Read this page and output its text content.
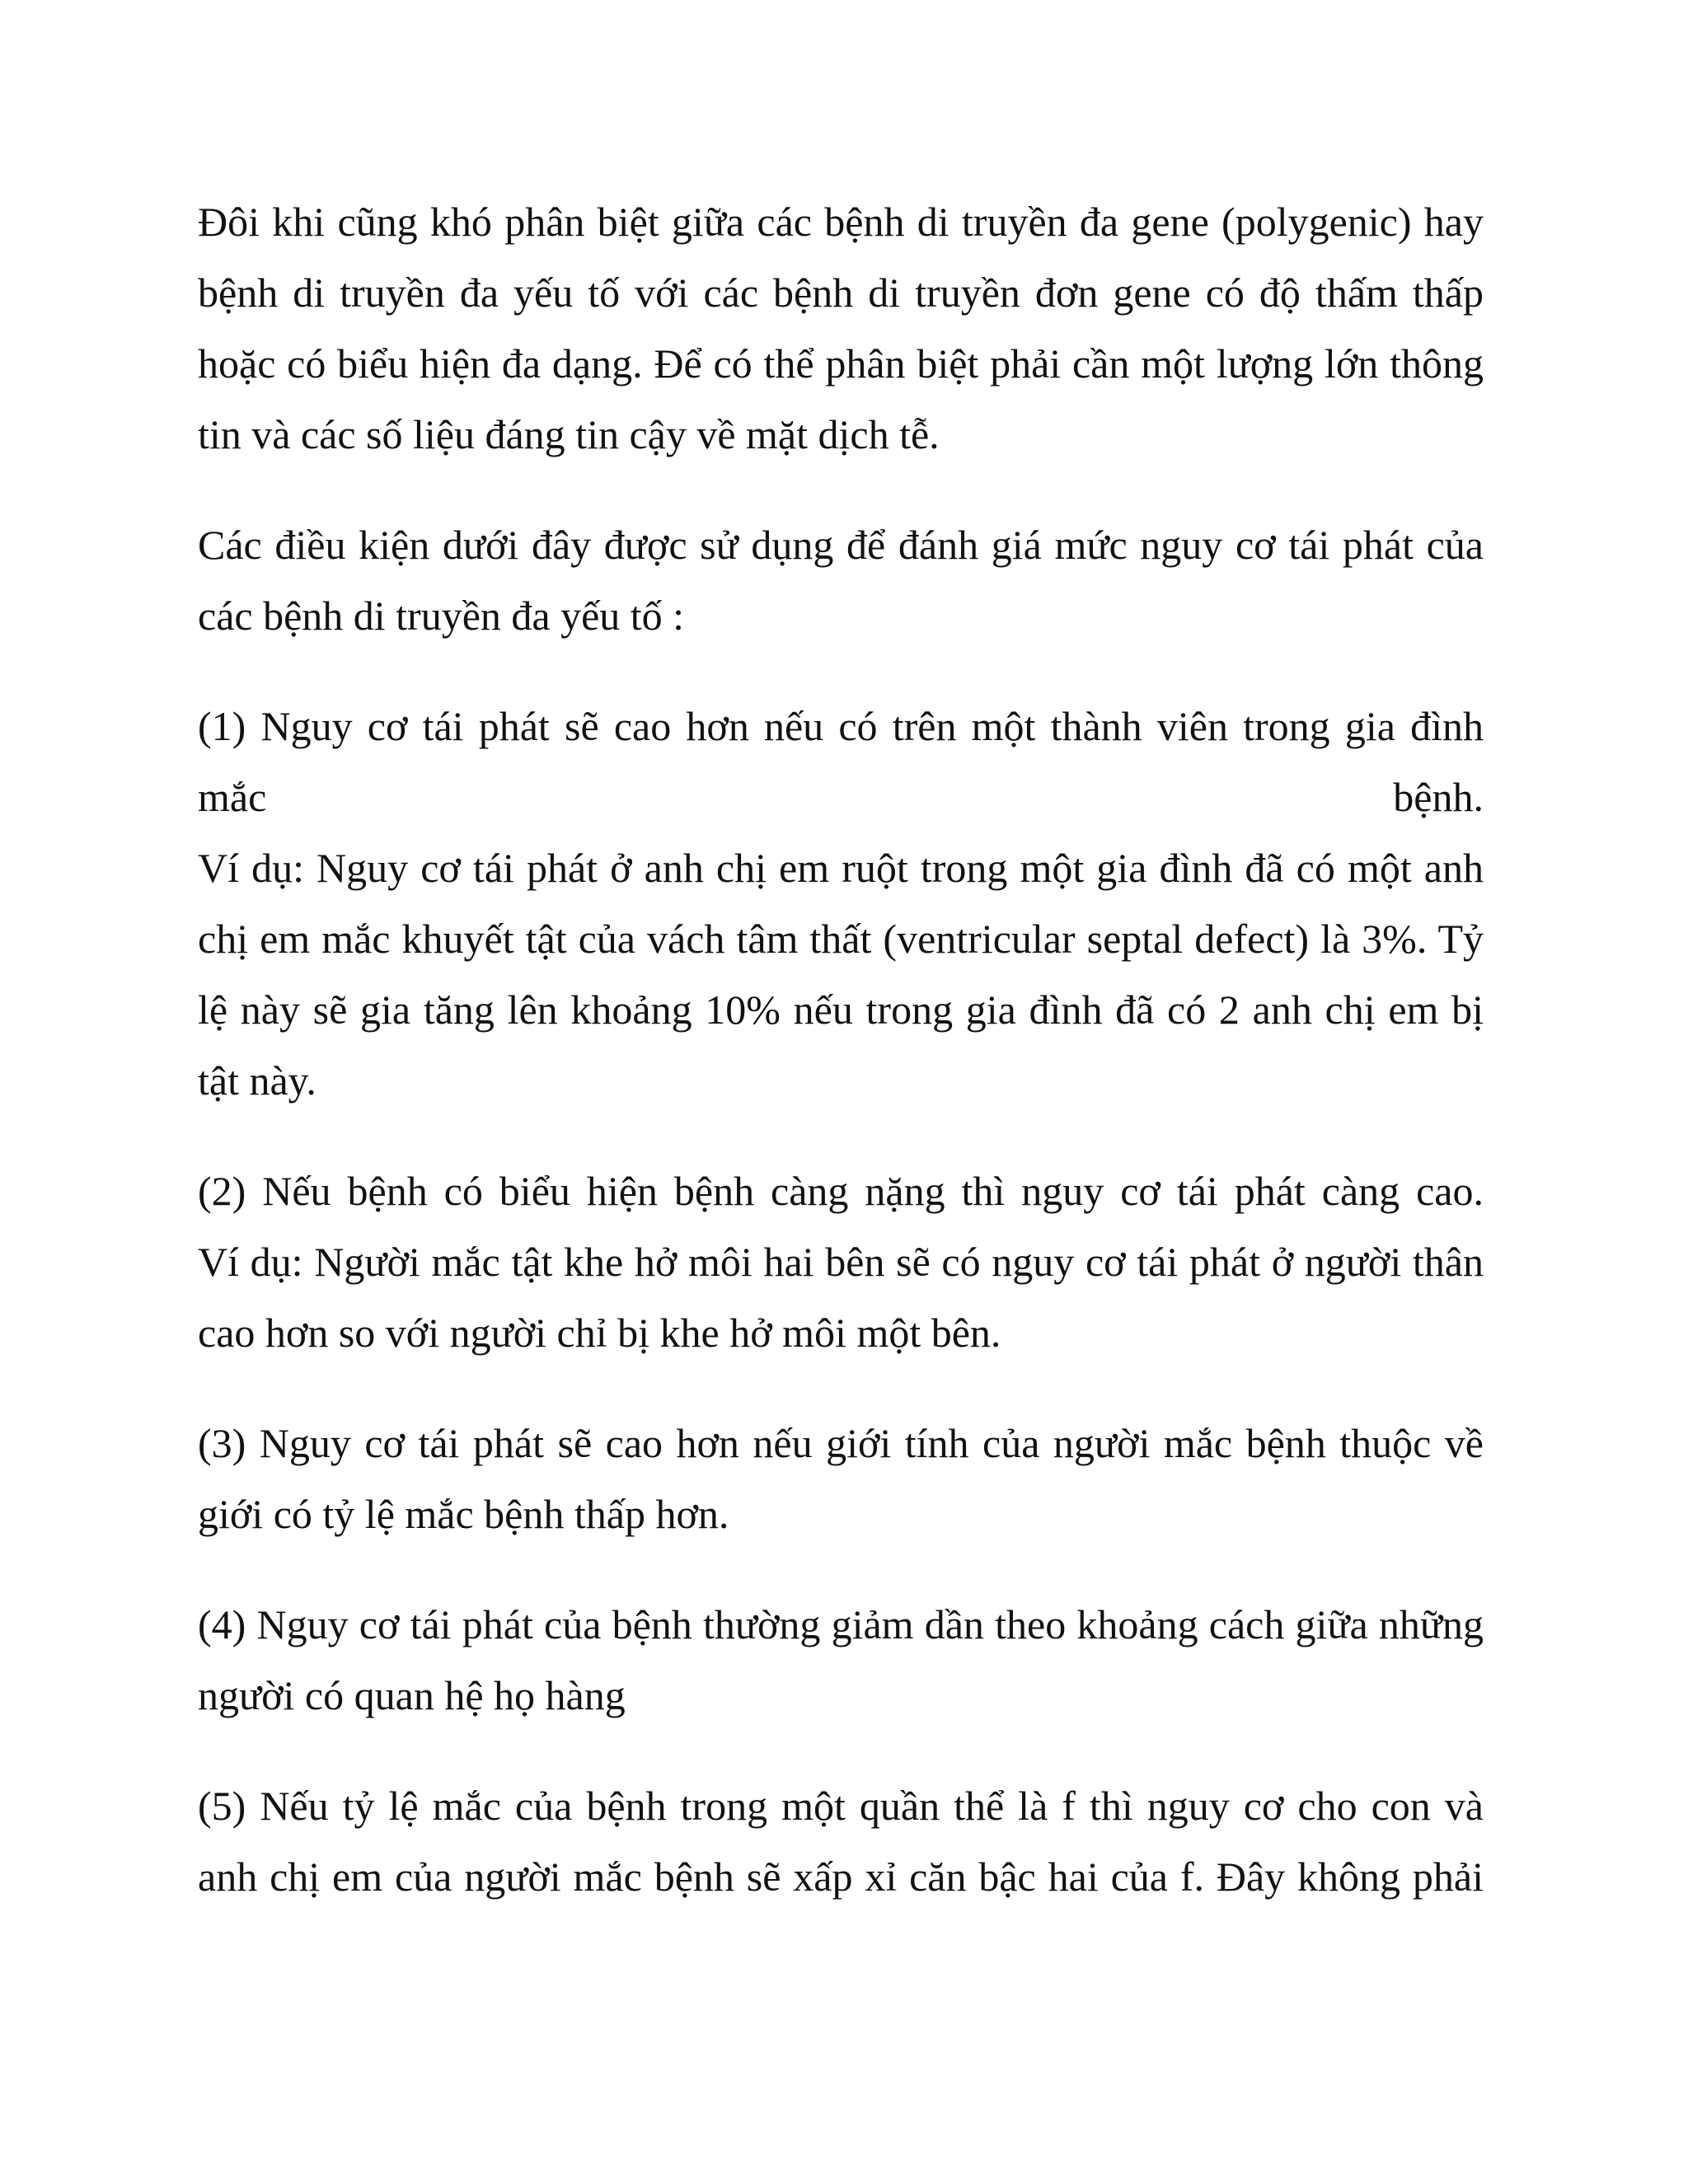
Đôi khi cũng khó phân biệt giữa các bệnh di truyền đa gene (polygenic) hay
bệnh di truyền đa yếu tố với các bệnh di truyền đơn gene có độ thấm thấp
hoặc có biểu hiện đa dạng. Để có thể phân biệt phải cần một lượng lớn thông
tin và các số liệu đáng tin cậy về mặt dịch tễ.

Các điều kiện dưới đây được sử dụng để đánh giá mức nguy cơ tái phát của
các bệnh di truyền đa yếu tố :

(1) Nguy cơ tái phát sẽ cao hơn nếu có trên một thành viên trong gia đình
mắc	bệnh.
Ví dụ: Nguy cơ tái phát ở anh chị em ruột trong một gia đình đã có một anh
chị em mắc khuyết tật của vách tâm thất (ventricular septal defect) là 3%. Tỷ
lệ này sẽ gia tăng lên khoảng 10% nếu trong gia đình đã có 2 anh chị em bị
tật này.

(2) Nếu bệnh có biểu hiện bệnh càng nặng thì nguy cơ tái phát càng cao.
Ví dụ: Người mắc tật khe hở môi hai bên sẽ có nguy cơ tái phát ở người thân
cao hơn so với người chỉ bị khe hở môi một bên.

(3) Nguy cơ tái phát sẽ cao hơn nếu giới tính của người mắc bệnh thuộc về
giới có tỷ lệ mắc bệnh thấp hơn.

(4) Nguy cơ tái phát của bệnh thường giảm dần theo khoảng cách giữa những
người có quan hệ họ hàng

(5) Nếu tỷ lệ mắc của bệnh trong một quần thể là f thì nguy cơ cho con và
anh chị em của người mắc bệnh sẽ xấp xỉ căn bậc hai của f. Đây không phải
